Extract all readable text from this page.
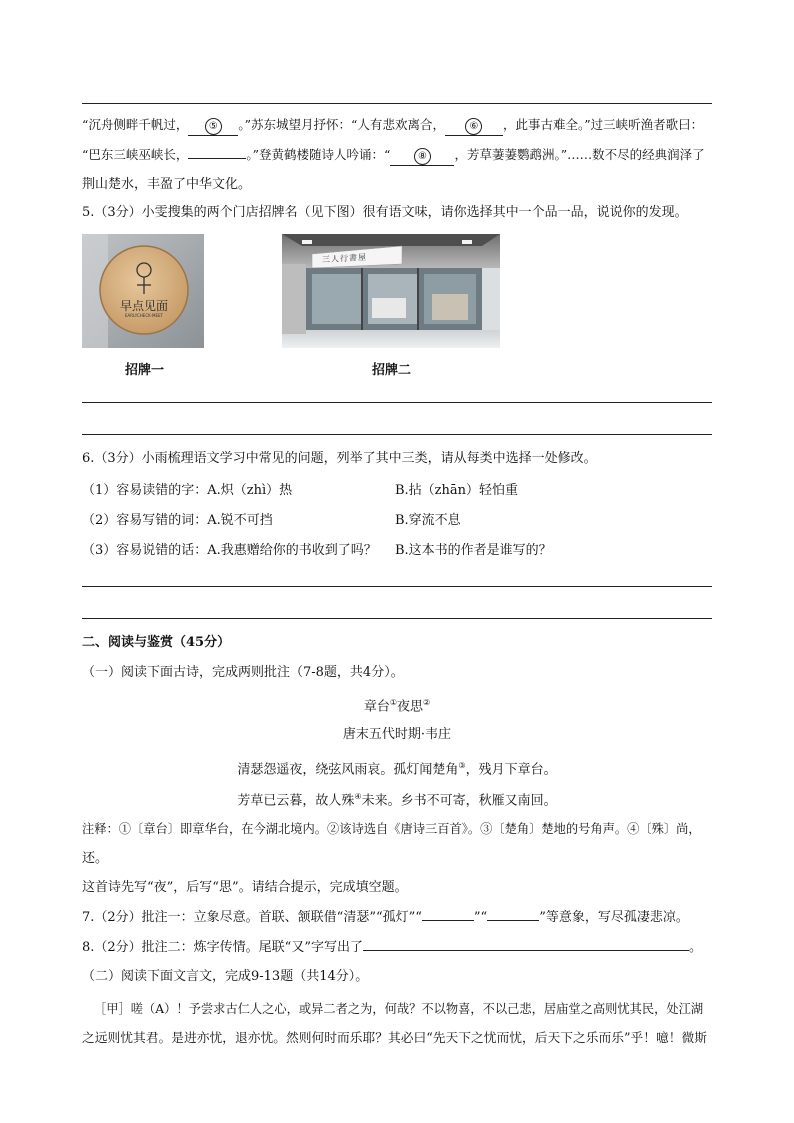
“沉舟侧畔千帆过， ⑤ 。”苏东城望月抒怀：“人有悲欢离合， ⑥ ，此事古难全。”过三峡听渔者歌曰：
“巴东三峡巫峡长，	。”登黄鹤楼随诗人吟诵：“	⑧ ，芳草萋萋鹦鹉洲。”……数不尽的经典润泽了
荆山楚水，丰盈了中华文化。
5.（3分）小雯搜集的两个门店招牌名（见下图）很有语文味，请你选择其中一个品一品，说说你的发现。
早点见面
EARLYCHECK·MEET
三人行書屋
招牌一	招牌二
6.（3分）小雨梳理语文学习中常见的问题，列举了其中三类，请从每类中选择一处修改。
（1）容易读错的字：A.炽（zhì）热	B.拈（zhān）轻怕重
（2）容易写错的词：A.锐不可挡	B.穿流不息
（3）容易说错的话：A.我惠赠给你的书收到了吗？ B.这本书的作者是谁写的？
二、阅读与鉴赏（45分）
（一）阅读下面古诗，完成两则批注（7-8题，共4分）。
章台①夜思②
唐末五代时期·韦庄
清瑟怨遥夜，绕弦风雨哀。孤灯闻楚角③，残月下章台。
芳草已云暮，故人殊④未来。乡书不可寄，秋雁又南回。
注释：①〔章台〕即章华台，在今湖北境内。②该诗选自《唐诗三百首》。③〔楚角〕楚地的号角声。④〔殊〕尚，
还。
这首诗先写“夜”，后写“思”。请结合提示，完成填空题。
7.（2分）批注一：立象尽意。首联、颔联借“清瑟”“孤灯”“	”“	”等意象，写尽孤凄悲凉。
8.（2分）批注二：炼字传情。尾联“又”字写出了	。
（二）阅读下面文言文，完成9-13题（共14分）。
［甲］嗟（A）！予尝求古仁人之心，或异二者之为，何哉？不以物喜，不以己悲，居庙堂之高则忧其民，处江湖
之远则忧其君。是进亦忧，退亦忧。然则何时而乐耶？其必曰“先天下之忧而忧，后天下之乐而乐”乎！噫！微斯
